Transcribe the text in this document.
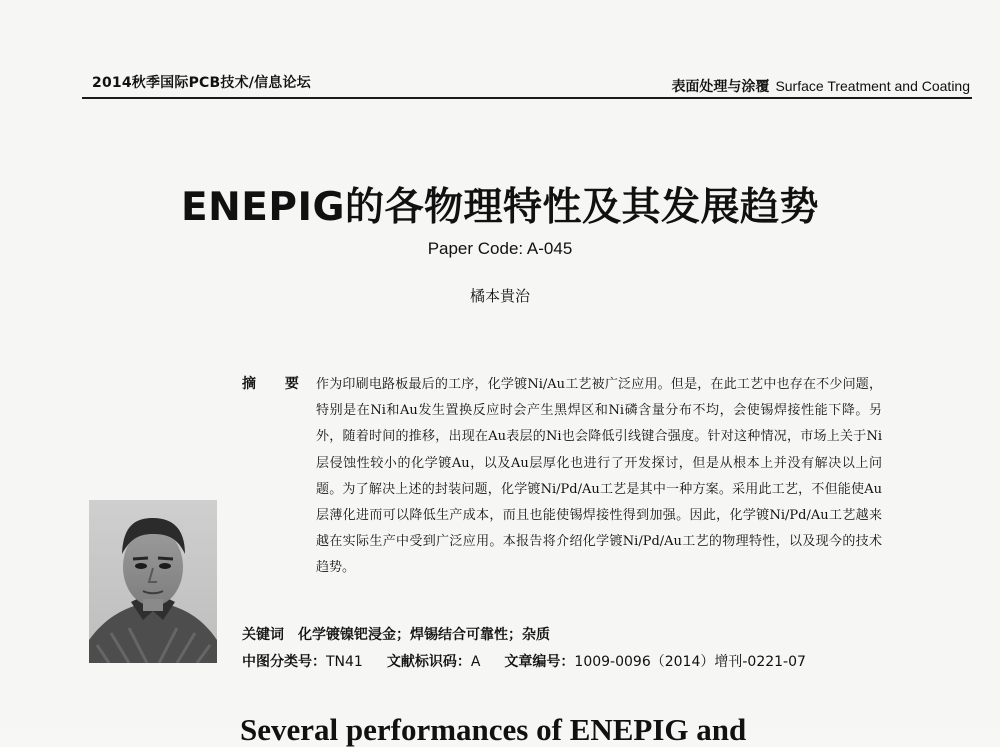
2014秋季国际PCB技术/信息论坛	表面处理与涂覆 Surface Treatment and Coating
ENEPIG的各物理特性及其发展趋势
Paper Code: A-045
橘本貴治
摘 要 作为印刷电路板最后的工序，化学镀Ni/Au工艺被广泛应用。但是，在此工艺中也存在不少问题，特别是在Ni和Au发生置换反应时会产生黑焊区和Ni磷含量分布不均，会使锡焊接性能下降。另外，随着时间的推移，出现在Au表层的Ni也会降低引线键合强度。针对这种情况，市场上关于Ni层侵蚀性较小的化学镀Au，以及Au层厚化也进行了开发探讨，但是从根本上并没有解决以上问题。为了解决上述的封装问题，化学镀Ni/Pd/Au工艺是其中一种方案。采用此工艺，不但能使Au层薄化进而可以降低生产成本，而且也能使锡焊接性得到加强。因此，化学镀Ni/Pd/Au工艺越来越在实际生产中受到广泛应用。本报告将介绍化学镀Ni/Pd/Au工艺的物理特性，以及现今的技术趋势。
关键词 化学镀镍钯浸金；焊锡结合可靠性；杂质
中图分类号：TN41 文献标识码：A 文章编号：1009-0096（2014）增刊-0221-07
Several performances of ENEPIG and
